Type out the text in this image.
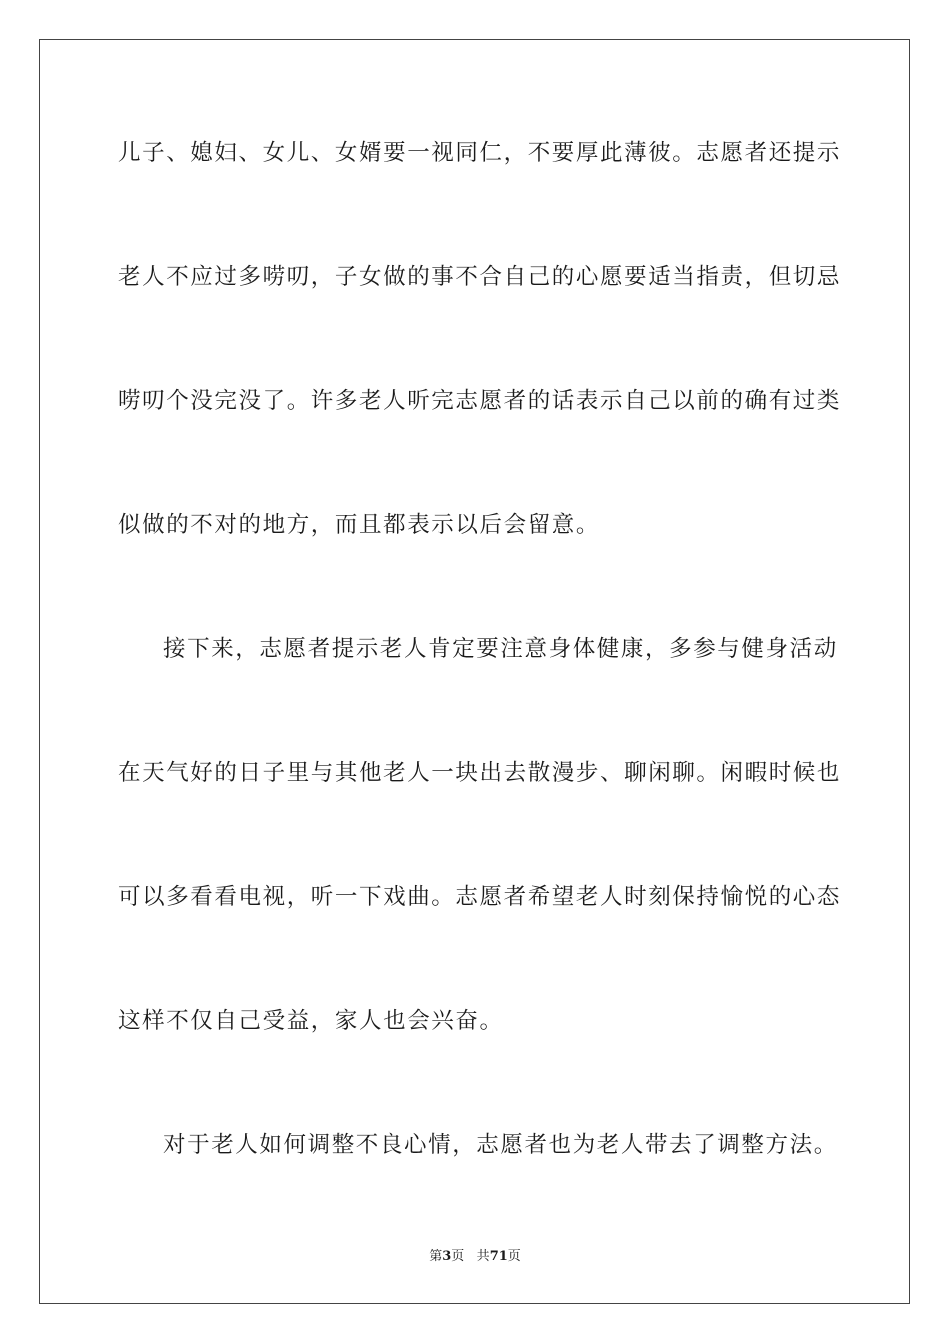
儿子、媳妇、女儿、女婿要一视同仁，不要厚此薄彼。志愿者还提示
老人不应过多唠叨，子女做的事不合自己的心愿要适当指责，但切忌
唠叨个没完没了。许多老人听完志愿者的话表示自己以前的确有过类
似做的不对的地方，而且都表示以后会留意。
接下来，志愿者提示老人肯定要注意身体健康，多参与健身活动
在天气好的日子里与其他老人一块出去散漫步、聊闲聊。闲暇时候也
可以多看看电视，听一下戏曲。志愿者希望老人时刻保持愉悦的心态
这样不仅自己受益，家人也会兴奋。
对于老人如何调整不良心情，志愿者也为老人带去了调整方法。
第3页 共71页
